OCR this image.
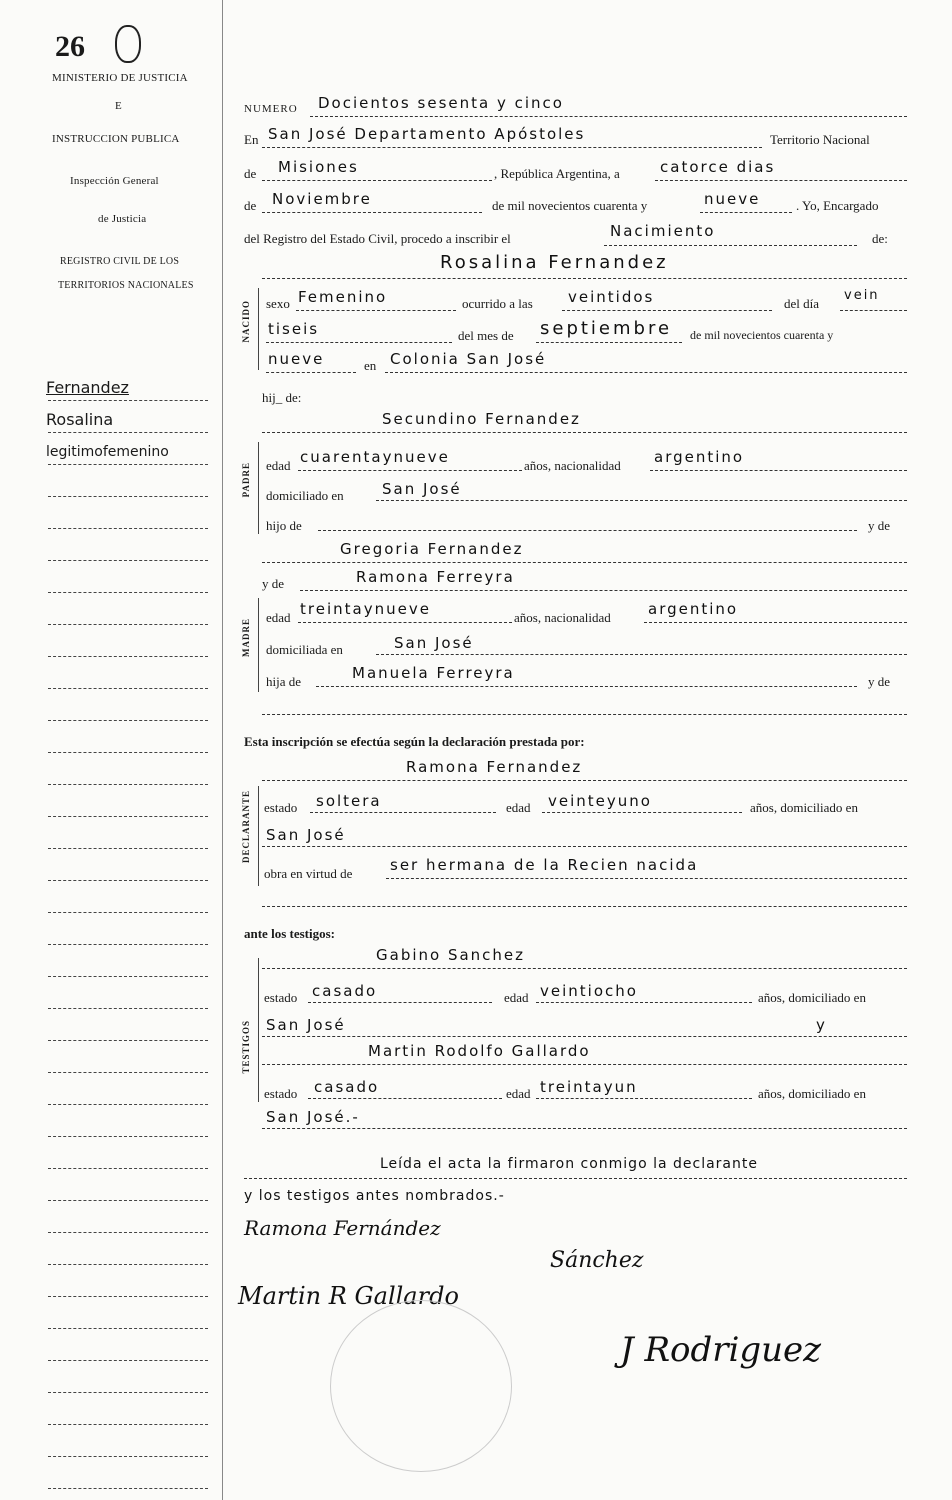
26
MINISTERIO DE JUSTICIA
E
INSTRUCCION PUBLICA
Inspección General
de Justicia
REGISTRO CIVIL DE LOS
TERRITORIOS NACIONALES
Fernandez
Rosalina
legitimofemenino
NUMERO Docientos sesenta y cinco
En San José Departamento Apóstoles	Territorio Nacional
de Misiones	, República Argentina, a	catorce dias
de Noviembre	de mil novecientos cuarenta y	nueve	. Yo, Encargado
del Registro del Estado Civil, procedo a inscribir el	Nacimiento	de:
Rosalina Fernandez
NACIDO sexo Femenino	ocurrido a las veintidos	del día
vein
tiseis	del mes de septiembre de mil novecientos cuarenta y
nueve	en Colonia San José
hij_ de:
Secundino Fernandez
PADRE edad cuarentaynueve	años, nacionalidad argentino
domiciliado en	San José
hijo de	y de
Gregoria Fernandez
y de	Ramona Ferreyra
MADRE
edad treintaynueve	años, nacionalidad argentino
domiciliada en	San José
hija de	Manuela Ferreyra	y de
Esta inscripción se efectúa según la declaración prestada por:
Ramona Fernandez
DECLARANTE estado soltera	edad veinteyuno	años, domiciliado en
San José
obra en virtud de	ser hermana de la Recien nacida
ante los testigos:
Gabino Sanchez
TESTIGOS
estado casado	edad veintiocho	años, domiciliado en
San José	y
Martin Rodolfo Gallardo
estado casado	edad treintayun	años, domiciliado en
San José.-
Leída el acta la firmaron conmigo la declarante
y los testigos antes nombrados.-
Ramona Fernández
Sánchez
Martin R Gallardo
J Rodriguez
